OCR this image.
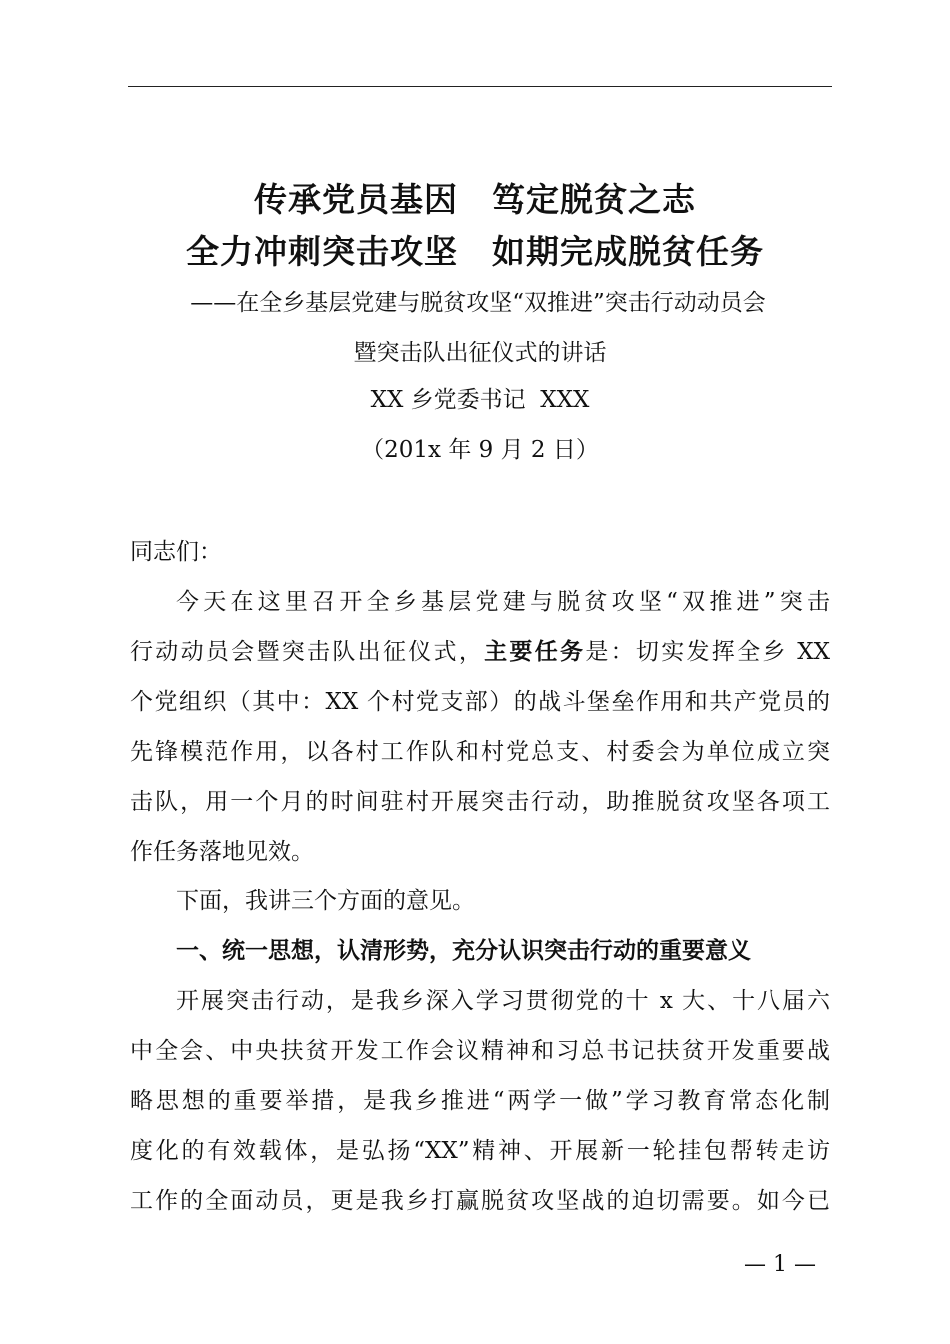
传承党员基因　笃定脱贫之志
全力冲刺突击攻坚　如期完成脱贫任务
——在全乡基层党建与脱贫攻坚“双推进”突击行动动员会
暨突击队出征仪式的讲话
XX 乡党委书记  XXX
（201x 年 9 月 2 日）
同志们：
今天在这里召开全乡基层党建与脱贫攻坚“双推进”突击
行动动员会暨突击队出征仪式，主要任务是：切实发挥全乡 XX
个党组织（其中：XX 个村党支部）的战斗堡垒作用和共产党员的
先锋模范作用，以各村工作队和村党总支、村委会为单位成立突
击队，用一个月的时间驻村开展突击行动，助推脱贫攻坚各项工
作任务落地见效。
下面，我讲三个方面的意见。
一、统一思想，认清形势，充分认识突击行动的重要意义
开展突击行动，是我乡深入学习贯彻党的十 x 大、十八届六
中全会、中央扶贫开发工作会议精神和习总书记扶贫开发重要战
略思想的重要举措，是我乡推进“两学一做”学习教育常态化制
度化的有效载体，是弘扬“XX”精神、开展新一轮挂包帮转走访
工作的全面动员，更是我乡打赢脱贫攻坚战的迫切需要。如今已
— 1 —
